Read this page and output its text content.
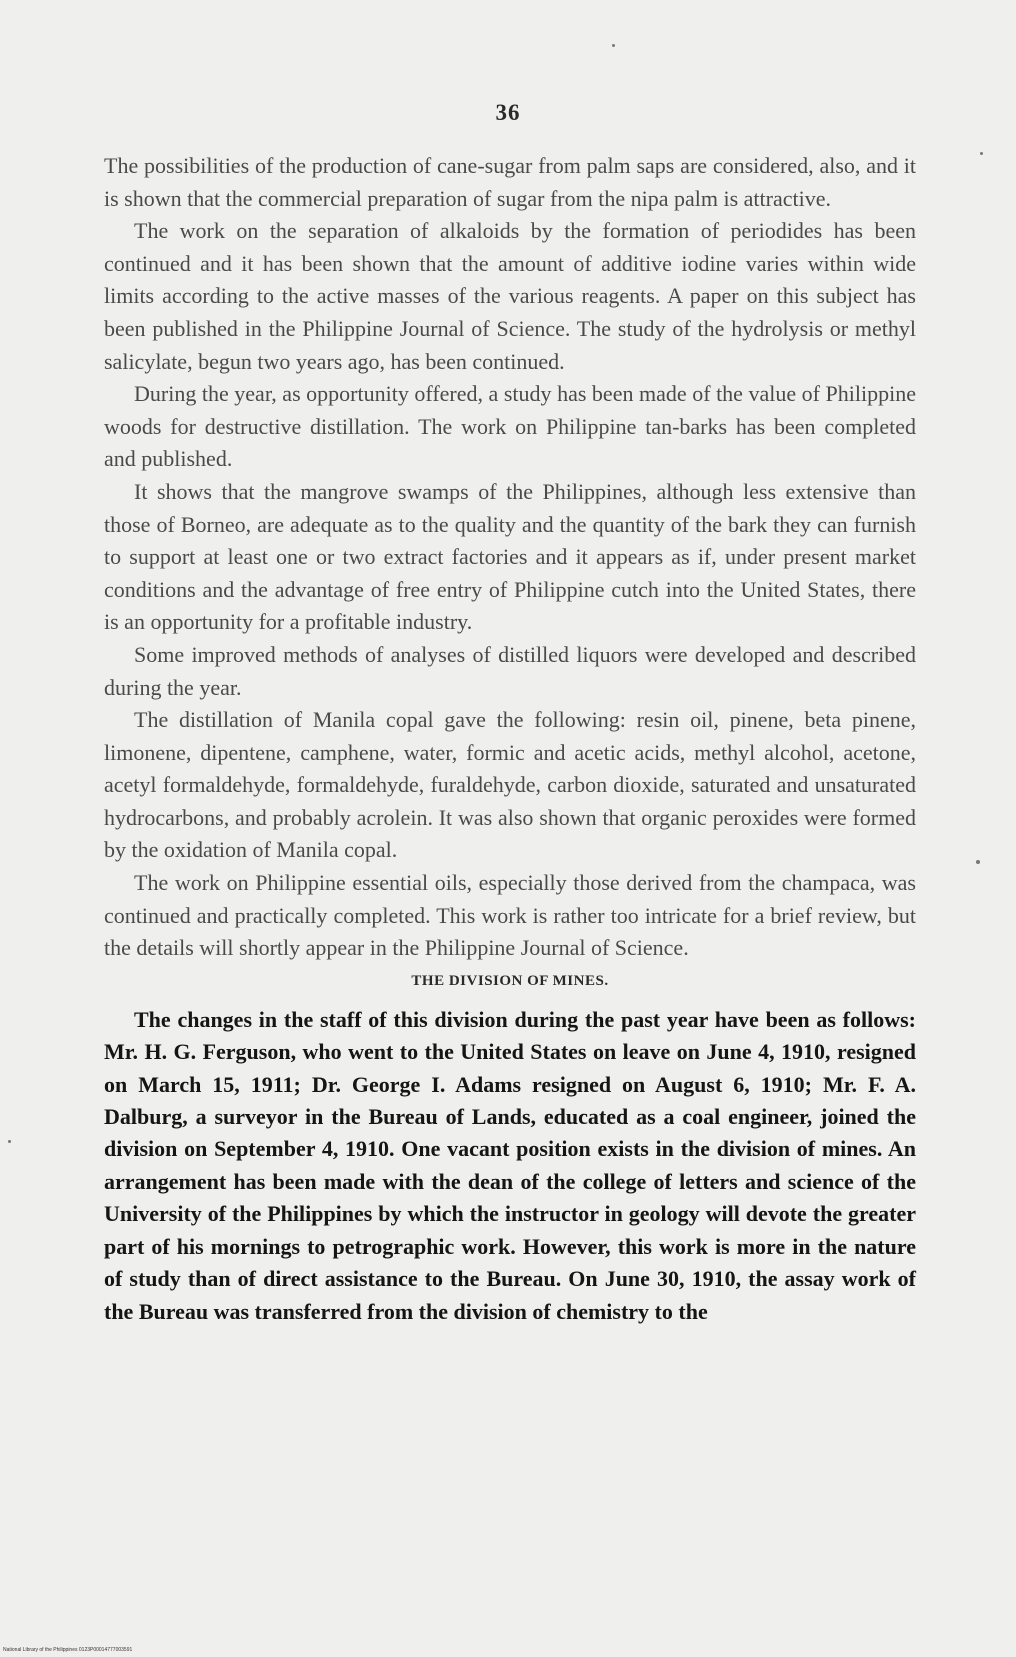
36

The possibilities of the production of cane-sugar from palm saps are considered, also, and it is shown that the commercial preparation of sugar from the nipa palm is attractive.

The work on the separation of alkaloids by the formation of periodides has been continued and it has been shown that the amount of additive iodine varies within wide limits according to the active masses of the various reagents. A paper on this subject has been published in the Philippine Journal of Science. The study of the hydrolysis or methyl salicylate, begun two years ago, has been continued.

During the year, as opportunity offered, a study has been made of the value of Philippine woods for destructive distillation. The work on Philippine tan-barks has been completed and published.

It shows that the mangrove swamps of the Philippines, although less extensive than those of Borneo, are adequate as to the quality and the quantity of the bark they can furnish to support at least one or two extract factories and it appears as if, under present market conditions and the advantage of free entry of Philippine cutch into the United States, there is an opportunity for a profitable industry.

Some improved methods of analyses of distilled liquors were developed and described during the year.

The distillation of Manila copal gave the following: resin oil, pinene, beta pinene, limonene, dipentene, camphene, water, formic and acetic acids, methyl alcohol, acetone, acetyl formaldehyde, formaldehyde, furaldehyde, carbon dioxide, saturated and unsaturated hydrocarbons, and probably acrolein. It was also shown that organic peroxides were formed by the oxidation of Manila copal.

The work on Philippine essential oils, especially those derived from the champaca, was continued and practically completed. This work is rather too intricate for a brief review, but the details will shortly appear in the Philippine Journal of Science.

THE DIVISION OF MINES.

The changes in the staff of this division during the past year have been as follows: Mr. H. G. Ferguson, who went to the United States on leave on June 4, 1910, resigned on March 15, 1911; Dr. George I. Adams resigned on August 6, 1910; Mr. F. A. Dalburg, a surveyor in the Bureau of Lands, educated as a coal engineer, joined the division on September 4, 1910. One vacant position exists in the division of mines. An arrangement has been made with the dean of the college of letters and science of the University of the Philippines by which the instructor in geology will devote the greater part of his mornings to petrographic work. However, this work is more in the nature of study than of direct assistance to the Bureau. On June 30, 1910, the assay work of the Bureau was transferred from the division of chemistry to the

National Library of the Philippines 0123P00014777003591
